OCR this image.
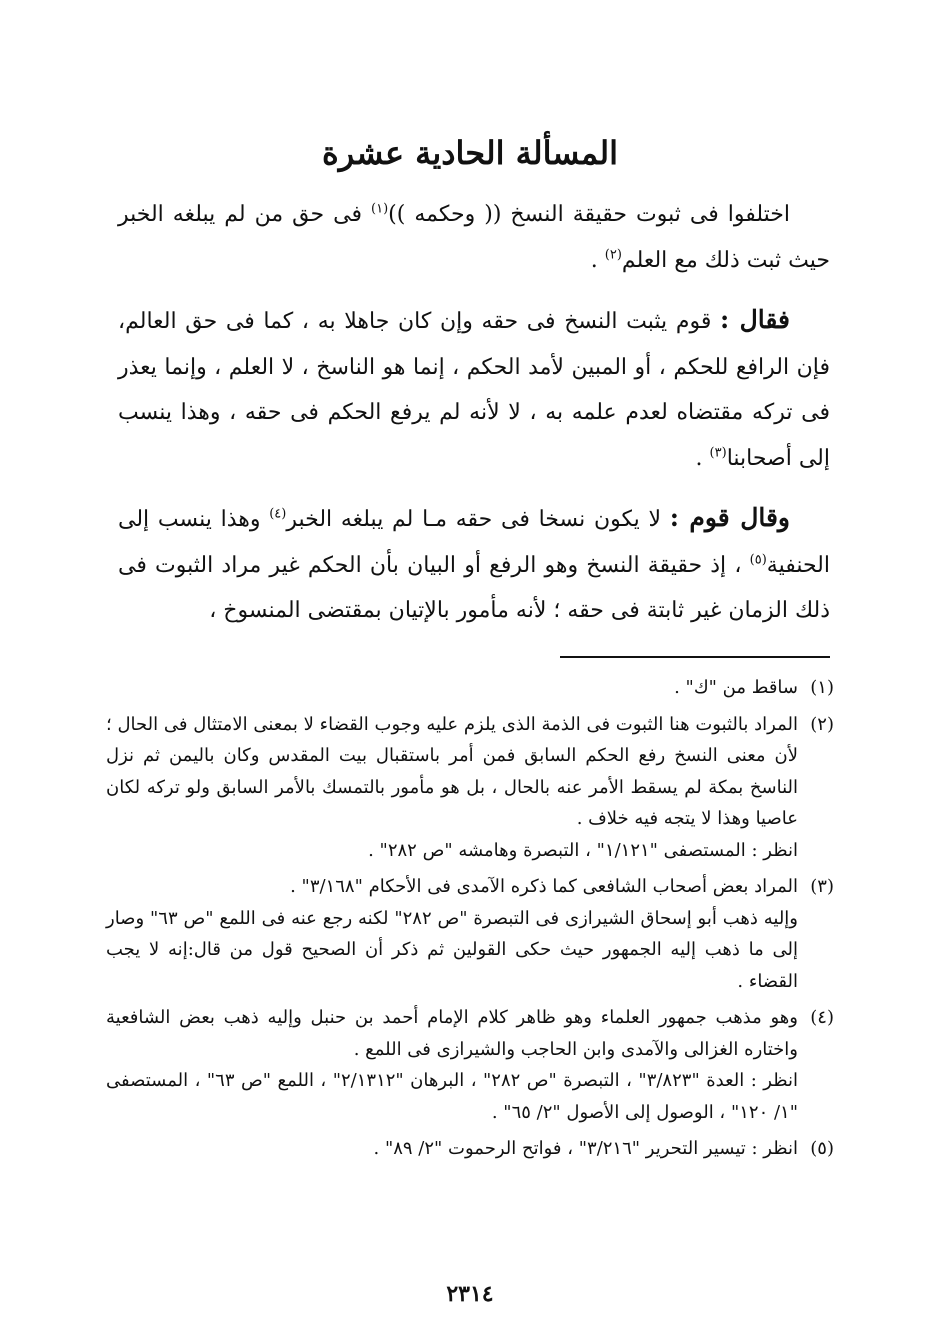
المسألة الحادية عشرة

اختلفوا فى ثبوت حقيقة النسخ (( وحكمه ))$^{(١)}$ فى حق من لم يبلغه الخبر حيث ثبت ذلك مع العلم$^{(٢)}$ .

فقال : قوم يثبت النسخ فى حقه وإن كان جاهلا به ، كما فى حق العالم، فإن الرافع للحكم ، أو المبين لأمد الحكم ، إنما هو الناسخ ، لا العلم ، وإنما يعذر فى تركه مقتضاه لعدم علمه به ، لا لأنه لم يرفع الحكم فى حقه ، وهذا ينسب إلى أصحابنا$^{(٣)}$ .

وقال قوم : لا يكون نسخا فى حقه مـا لم يبلغه الخبر$^{(٤)}$ وهذا ينسب إلى الحنفية$^{(٥)}$ ، إذ حقيقة النسخ وهو الرفع أو البيان بأن الحكم غير مراد الثبوت فى ذلك الزمان غير ثابتة فى حقه ؛ لأنه مأمور بالإتيان بمقتضى المنسوخ ،

(١)

ساقط من "ك" .

(٢)

المراد بالثبوت هنا الثبوت فى الذمة الذى يلزم عليه وجوب القضاء لا بمعنى الامتثال فى الحال ؛ لأن معنى النسخ رفع الحكم السابق فمن أمر باستقبال بيت المقدس وكان باليمن ثم نزل الناسخ بمكة لم يسقط الأمر عنه بالحال ، بل هو مأمور بالتمسك بالأمر السابق ولو تركه لكان عاصيا وهذا لا يتجه فيه خلاف .

انظر : المستصفى "١/١٢١" ، التبصرة وهامشه "ص ٢٨٢" .

(٣)

المراد بعض أصحاب الشافعى كما ذكره الآمدى فى الأحكام "٣/١٦٨" .

وإليه ذهب أبو إسحاق الشيرازى فى التبصرة "ص ٢٨٢" لكنه رجع عنه فى اللمع "ص ٦٣" وصار إلى ما ذهب إليه الجمهور حيث حكى القولين ثم ذكر أن الصحيح قول من قال:إنه لا يجب القضاء .

(٤)

وهو مذهب جمهور العلماء وهو ظاهر كلام الإمام أحمد بن حنبل وإليه ذهب بعض الشافعية واختاره الغزالى والآمدى وابن الحاجب والشيرازى فى اللمع .

انظر : العدة "٣/٨٢٣" ، التبصرة "ص ٢٨٢" ، البرهان "٢/١٣١٢" ، اللمع "ص ٦٣" ، المستصفى "١/ ١٢٠" ، الوصول إلى الأصول "٢/ ٦٥" .

(٥)

انظر : تيسير التحرير "٣/٢١٦" ، فواتح الرحموت "٢/ ٨٩" .

٢٣١٤
